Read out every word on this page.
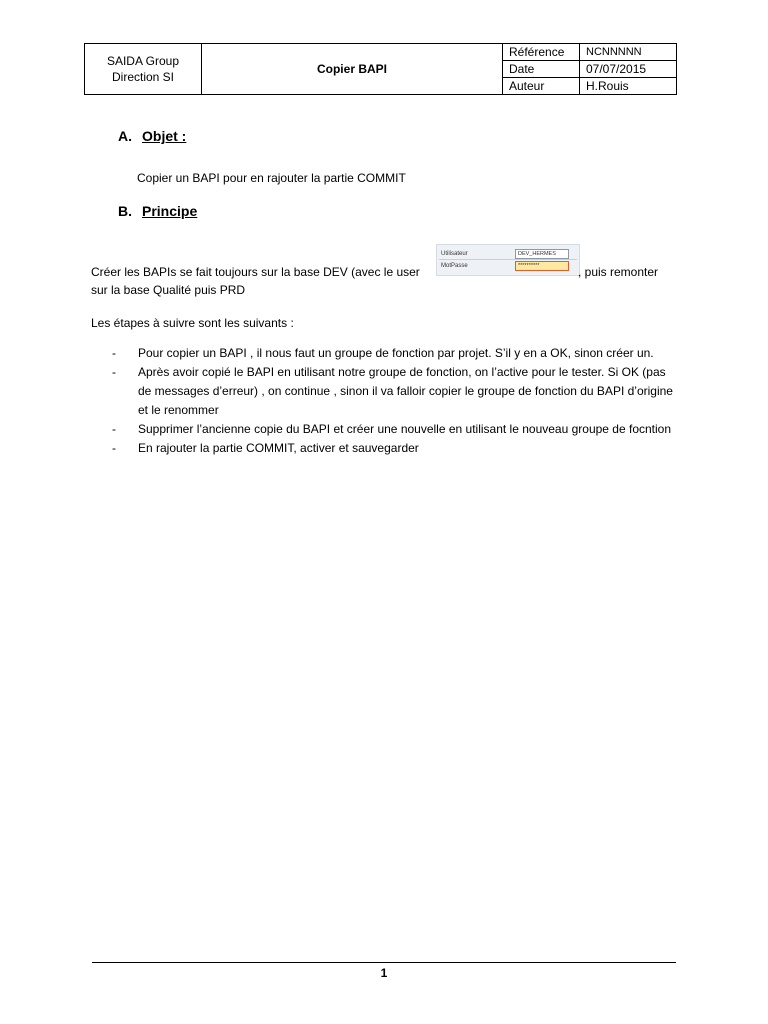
SAIDA Group
Direction SI	Copier BAPI	Référence	NCNNNNN
		Date	07/07/2015
		Auteur	H.Rouis
A. Objet :
Copier un BAPI pour en rajouter la partie COMMIT
B. Principe
Créer les BAPIs se fait toujours sur la base DEV (avec le user
Utilisateur	DEV_HERMES
MotPasse	**********	, puis remonter
sur la base Qualité puis PRD
Les étapes à suivre sont les suivants :
-	Pour copier un BAPI , il nous faut un groupe de fonction par projet. S’il y en a OK, sinon créer un.
-	Après avoir copié le BAPI en utilisant notre groupe de fonction, on l’active pour le tester. Si OK (pas de messages d’erreur) , on continue , sinon il va falloir copier le groupe de fonction du BAPI d’origine et le renommer
-	Supprimer l’ancienne copie du BAPI et créer une nouvelle en utilisant le nouveau groupe de focntion
-	En rajouter la partie COMMIT, activer et sauvegarder
1
